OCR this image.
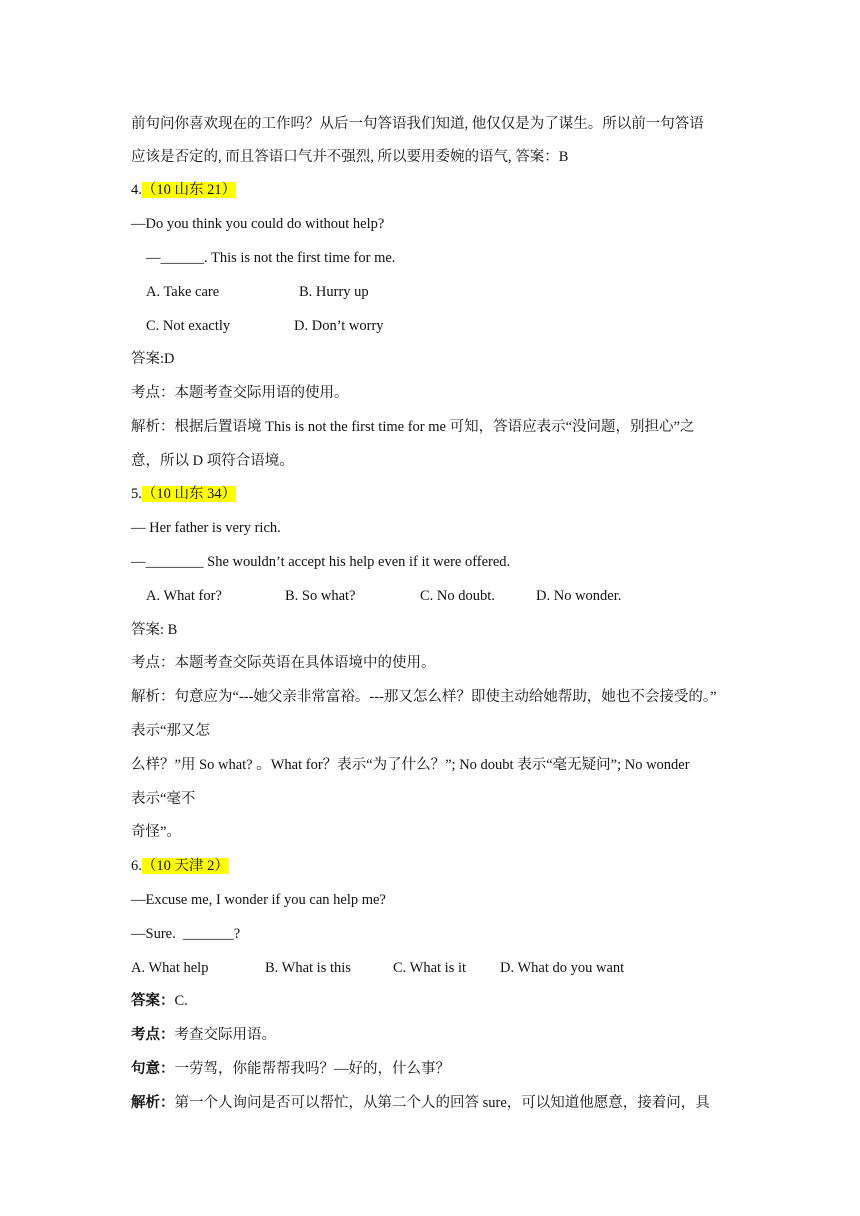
前句问你喜欢现在的工作吗？从后一句答语我们知道, 他仅仅是为了谋生。所以前一句答语
应该是否定的, 而且答语口气并不强烈, 所以要用委婉的语气, 答案：B
4.（10 山东 21）
—Do you think you could do without help?
—______. This is not the first time for me.
A. Take care	B. Hurry up
C. Not exactly	D. Don’t worry
答案:D
考点：本题考查交际用语的使用。
解析：根据后置语境 This is not the first time for me 可知，答语应表示“没问题，别担心”之
意，所以 D 项符合语境。
5.（10 山东 34）
— Her father is very rich.
—________ She wouldn’t accept his help even if it were offered.
A. What for?	B. So what?	C. No doubt.	D. No wonder.
答案: B
考点：本题考查交际英语在具体语境中的使用。
解析：句意应为“---她父亲非常富裕。---那又怎么样？即使主动给她帮助，她也不会接受的。”
表示“那又怎
么样？”用 So what? 。What for？表示“为了什么？”; No doubt 表示“毫无疑问”; No wonder
表示“毫不
奇怪”。
6.（10 天津 2）
—Excuse me, I wonder if you can help me?
—Sure.  _______?
A. What help	B. What is this	C. What is it D. What do you want
答案：C.
考点：考查交际用语。
句意：一劳驾，你能帮帮我吗？—好的，什么事？
解析：第一个人询问是否可以帮忙，从第二个人的回答 sure，可以知道他愿意，接着问，具
